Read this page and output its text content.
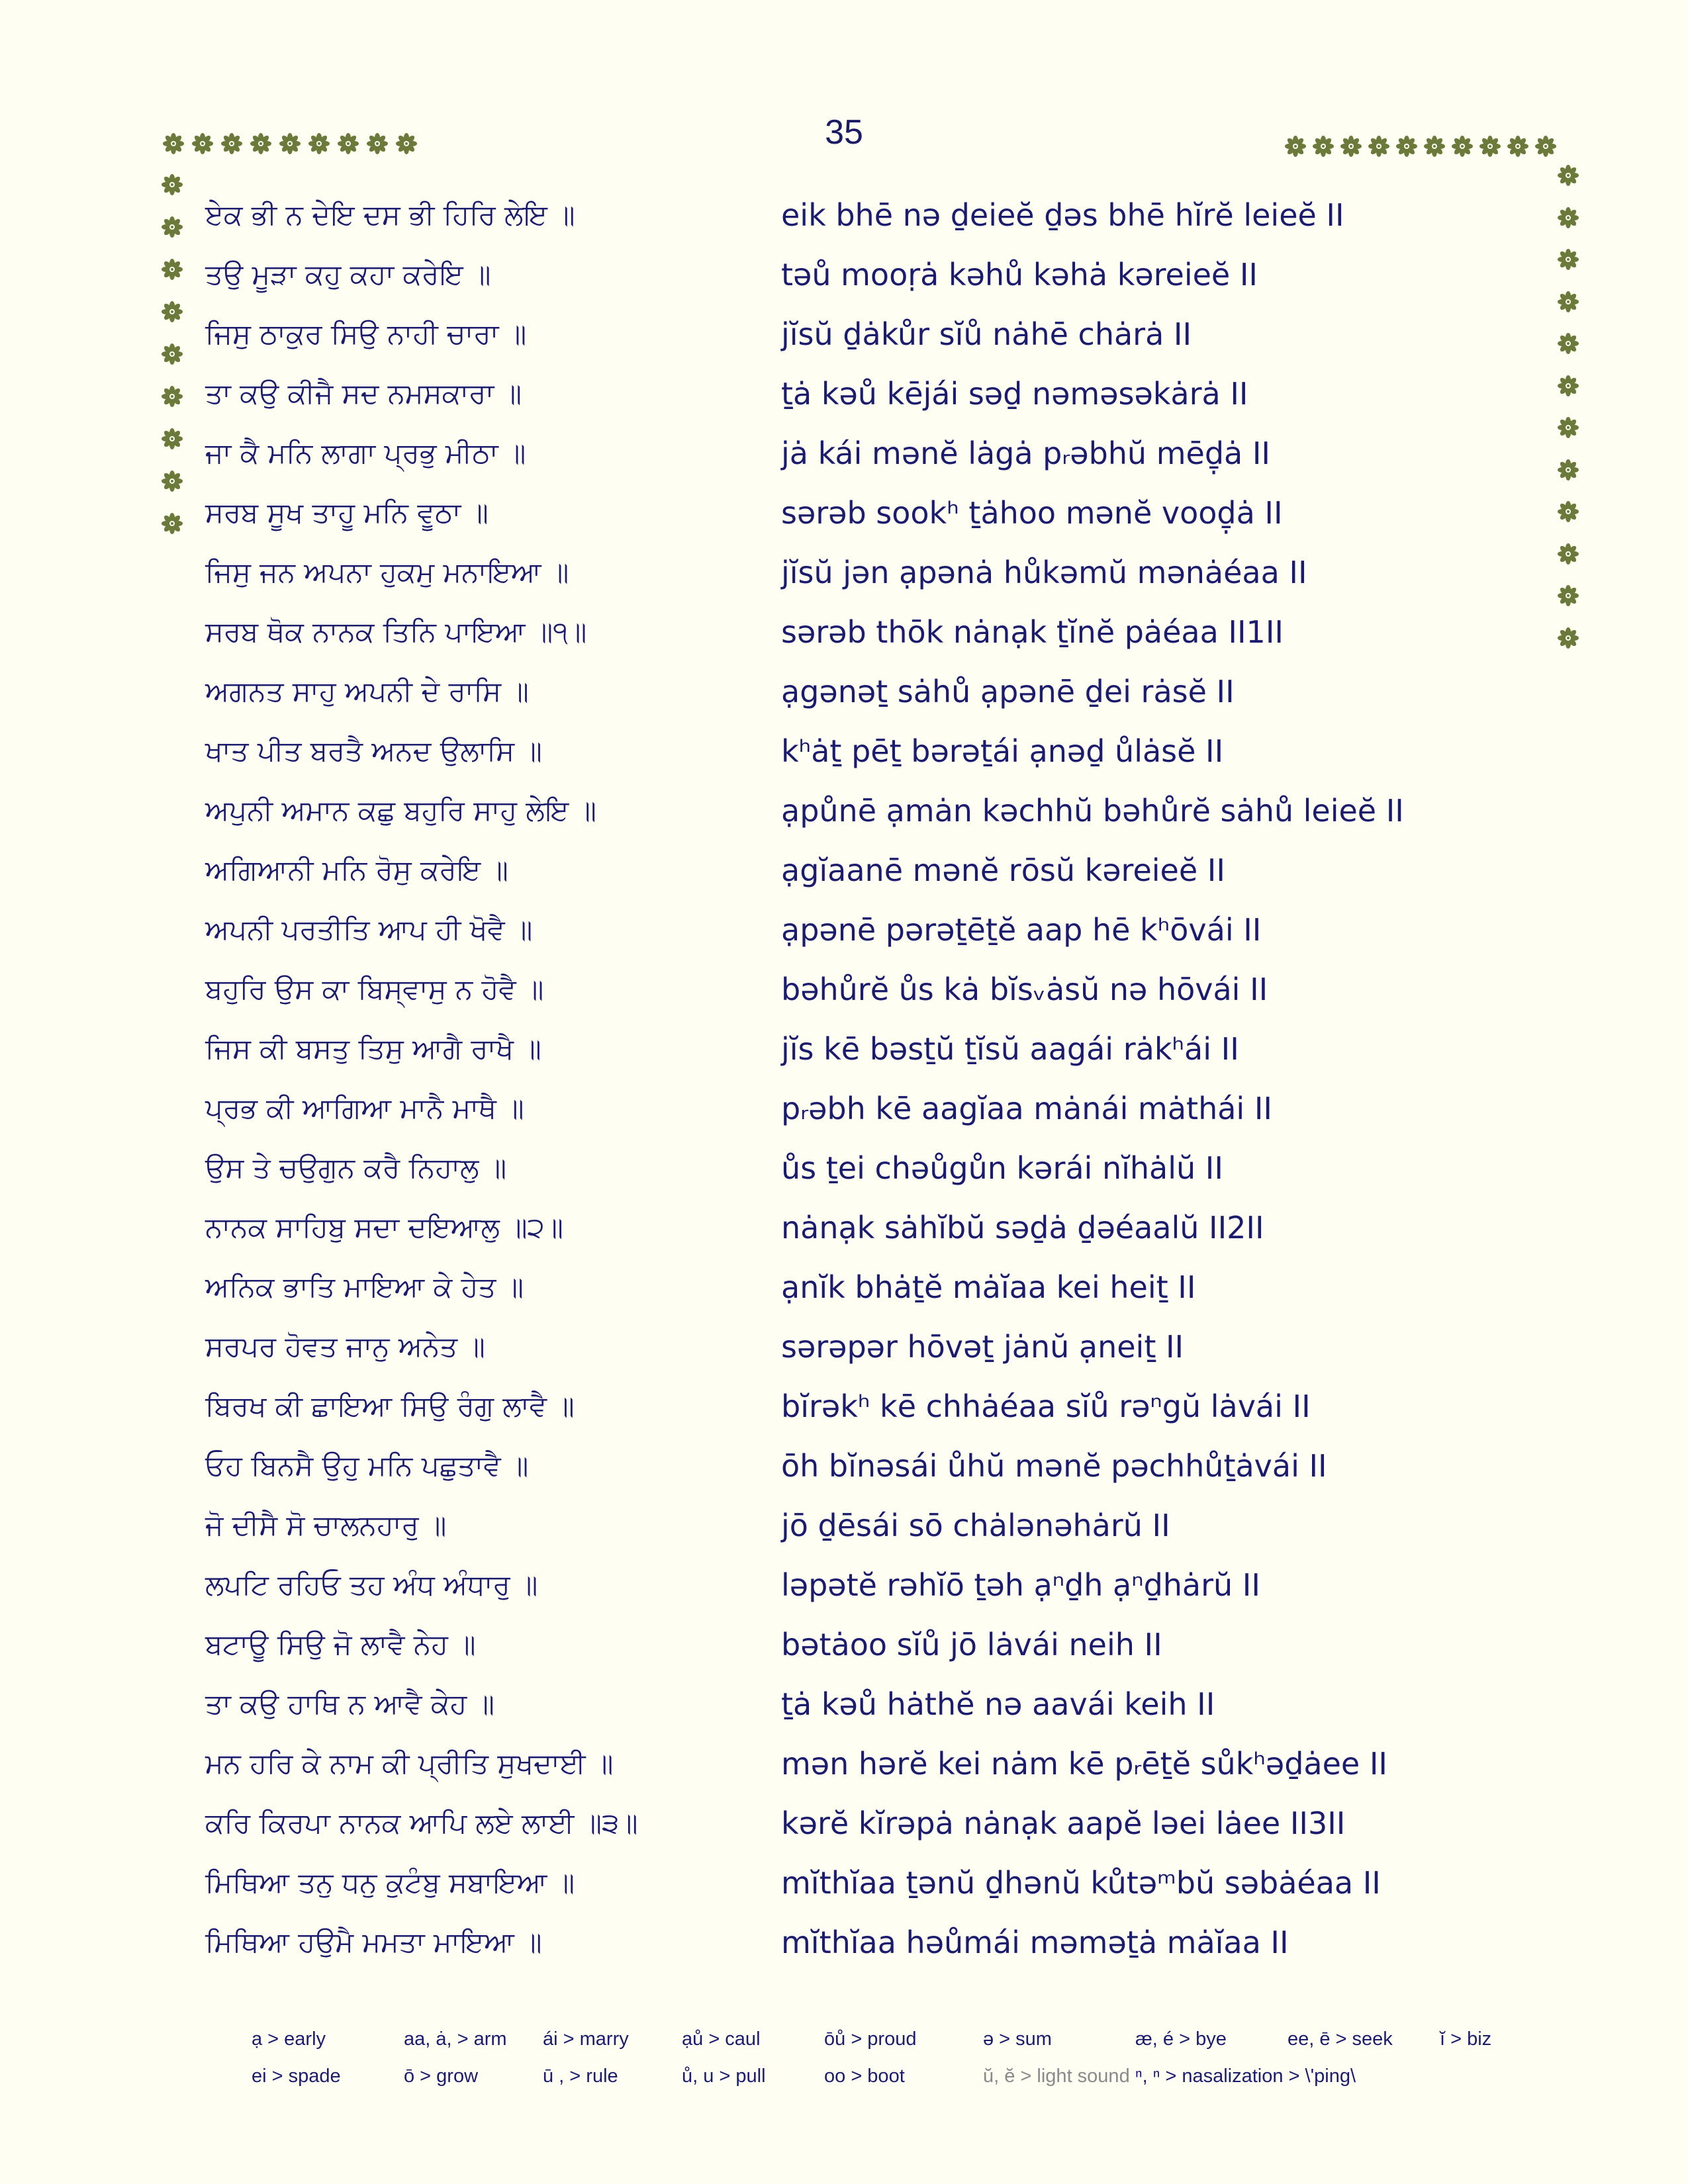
35
ਏਕ ਭੀ ਨ ਦੇਇ ਦਸ ਭੀ ਹਿਰਿ ਲੇਇ ॥	eik bhē nə ḏeieĕ ḏəs bhē hĭrĕ leieĕ II
ਤਉ ਮੂੜਾ ਕਹੁ ਕਹਾ ਕਰੇਇ ॥	təů mooṛȧ kəhů kəhȧ kəreieĕ II
ਜਿਸੁ ਠਾਕੁਰ ਸਿਉ ਨਾਹੀ ਚਾਰਾ ॥	jĭsŭ ḏȧkůr sĭů nȧhē chȧrȧ II
ਤਾ ਕਉ ਕੀਜੈ ਸਦ ਨਮਸਕਾਰਾ ॥	ṯȧ kəů kējái səḏ nəməsəkȧrȧ II
ਜਾ ਕੈ ਮਨਿ ਲਾਗਾ ਪ੍ਰਭੁ ਮੀਠਾ ॥	jȧ kái mənĕ lȧgȧ pᵣəbhŭ mēḏ̣ȧ II
ਸਰਬ ਸੂਖ ਤਾਹੂ ਮਨਿ ਵੂਠਾ ॥	sərəb sookʰ ṯȧhoo mənĕ vooḏ̣ȧ II
ਜਿਸੁ ਜਨ ਅਪਨਾ ਹੁਕਮੁ ਮਨਾਇਆ ॥	jĭsŭ jən ạpənȧ hůkəmŭ mənȧéaa II
ਸਰਬ ਥੋਕ ਨਾਨਕ ਤਿਨਿ ਪਾਇਆ ॥੧॥	sərəb thōk nȧnạk ṯĭnĕ pȧéaa II1II
ਅਗਨਤ ਸਾਹੁ ਅਪਨੀ ਦੇ ਰਾਸਿ ॥	ạgənəṯ sȧhů ạpənē ḏei rȧsĕ II
ਖਾਤ ਪੀਤ ਬਰਤੈ ਅਨਦ ਉਲਾਸਿ ॥	kʰȧṯ pēṯ bərəṯái ạnəḏ ůlȧsĕ II
ਅਪੁਨੀ ਅਮਾਨ ਕਛੁ ਬਹੁਰਿ ਸਾਹੁ ਲੇਇ ॥	ạpůnē ạmȧn kəchhŭ bəhůrĕ sȧhů leieĕ II
ਅਗਿਆਨੀ ਮਨਿ ਰੋਸੁ ਕਰੇਇ ॥	ạgĭaanē mənĕ rōsŭ kəreieĕ II
ਅਪਨੀ ਪਰਤੀਤਿ ਆਪ ਹੀ ਖੋਵੈ ॥	ạpənē pərəṯēṯĕ aap hē kʰōvái II
ਬਹੁਰਿ ਉਸ ਕਾ ਬਿਸ੍ਵਾਸੁ ਨ ਹੋਵੈ ॥	bəhůrĕ ůs kȧ bĭsᵥȧsŭ nə hōvái II
ਜਿਸ ਕੀ ਬਸਤੁ ਤਿਸੁ ਆਗੈ ਰਾਖੈ ॥	jĭs kē bəsṯŭ ṯĭsŭ aagái rȧkʰái II
ਪ੍ਰਭ ਕੀ ਆਗਿਆ ਮਾਨੈ ਮਾਥੈ ॥	pᵣəbh kē aagĭaa mȧnái mȧthái II
ਉਸ ਤੇ ਚਉਗੁਨ ਕਰੈ ਨਿਹਾਲੁ ॥	ůs ṯei chəůgůn kərái nĭhȧlŭ II
ਨਾਨਕ ਸਾਹਿਬੁ ਸਦਾ ਦਇਆਲੁ ॥੨॥	nȧnạk sȧhĭbŭ səḏȧ ḏəéaalŭ II2II
ਅਨਿਕ ਭਾਤਿ ਮਾਇਆ ਕੇ ਹੇਤ ॥	ạnĭk bhȧṯĕ mȧĭaa kei heiṯ II
ਸਰਪਰ ਹੋਵਤ ਜਾਨੁ ਅਨੇਤ ॥	sərəpər hōvəṯ jȧnŭ ạneiṯ II
ਬਿਰਖ ਕੀ ਛਾਇਆ ਸਿਉ ਰੰਗੁ ਲਾਵੈ ॥	bĭrəkʰ kē chhȧéaa sĭů rəⁿgŭ lȧvái II
ਓਹ ਬਿਨਸੈ ਉਹੁ ਮਨਿ ਪਛੁਤਾਵੈ ॥	ōh bĭnəsái ůhŭ mənĕ pəchhůṯȧvái II
ਜੋ ਦੀਸੈ ਸੋ ਚਾਲਨਹਾਰੁ ॥	jō ḏēsái sō chȧlənəhȧrŭ II
ਲਪਟਿ ਰਹਿਓ ਤਹ ਅੰਧ ਅੰਧਾਰੁ ॥	ləpətĕ rəhĭō ṯəh ạⁿḏh ạⁿḏhȧrŭ II
ਬਟਾਊ ਸਿਉ ਜੋ ਲਾਵੈ ਨੇਹ ॥	bətȧoo sĭů jō lȧvái neih II
ਤਾ ਕਉ ਹਾਥਿ ਨ ਆਵੈ ਕੇਹ ॥	ṯȧ kəů hȧthĕ nə aavái keih II
ਮਨ ਹਰਿ ਕੇ ਨਾਮ ਕੀ ਪ੍ਰੀਤਿ ਸੁਖਦਾਈ ॥	mən hərĕ kei nȧm kē pᵣēṯĕ sůkʰəḏȧee II
ਕਰਿ ਕਿਰਪਾ ਨਾਨਕ ਆਪਿ ਲਏ ਲਾਈ ॥੩॥	kərĕ kĭrəpȧ nȧnạk aapĕ ləei lȧee II3II
ਮਿਥਿਆ ਤਨੁ ਧਨੁ ਕੁਟੰਬੁ ਸਬਾਇਆ ॥	mĭthĭaa ṯənŭ ḏhənŭ kůtəᵐbŭ səbȧéaa II
ਮਿਥਿਆ ਹਉਮੈ ਮਮਤਾ ਮਾਇਆ ॥	mĭthĭaa həůmái məməṯȧ mȧĭaa II
ạ > early	aa, ȧ, > arm ái > marry	ạů > caul	ōů > proud	ə > sum	æ, é > bye	ee, ē > seek ĭ > biz
ei > spade	ō > grow	ū , > rule	ů, u > pull	oo > boot	ŭ, ĕ > light sound ⁿ, ⁿ > nasalization > \'ping\
